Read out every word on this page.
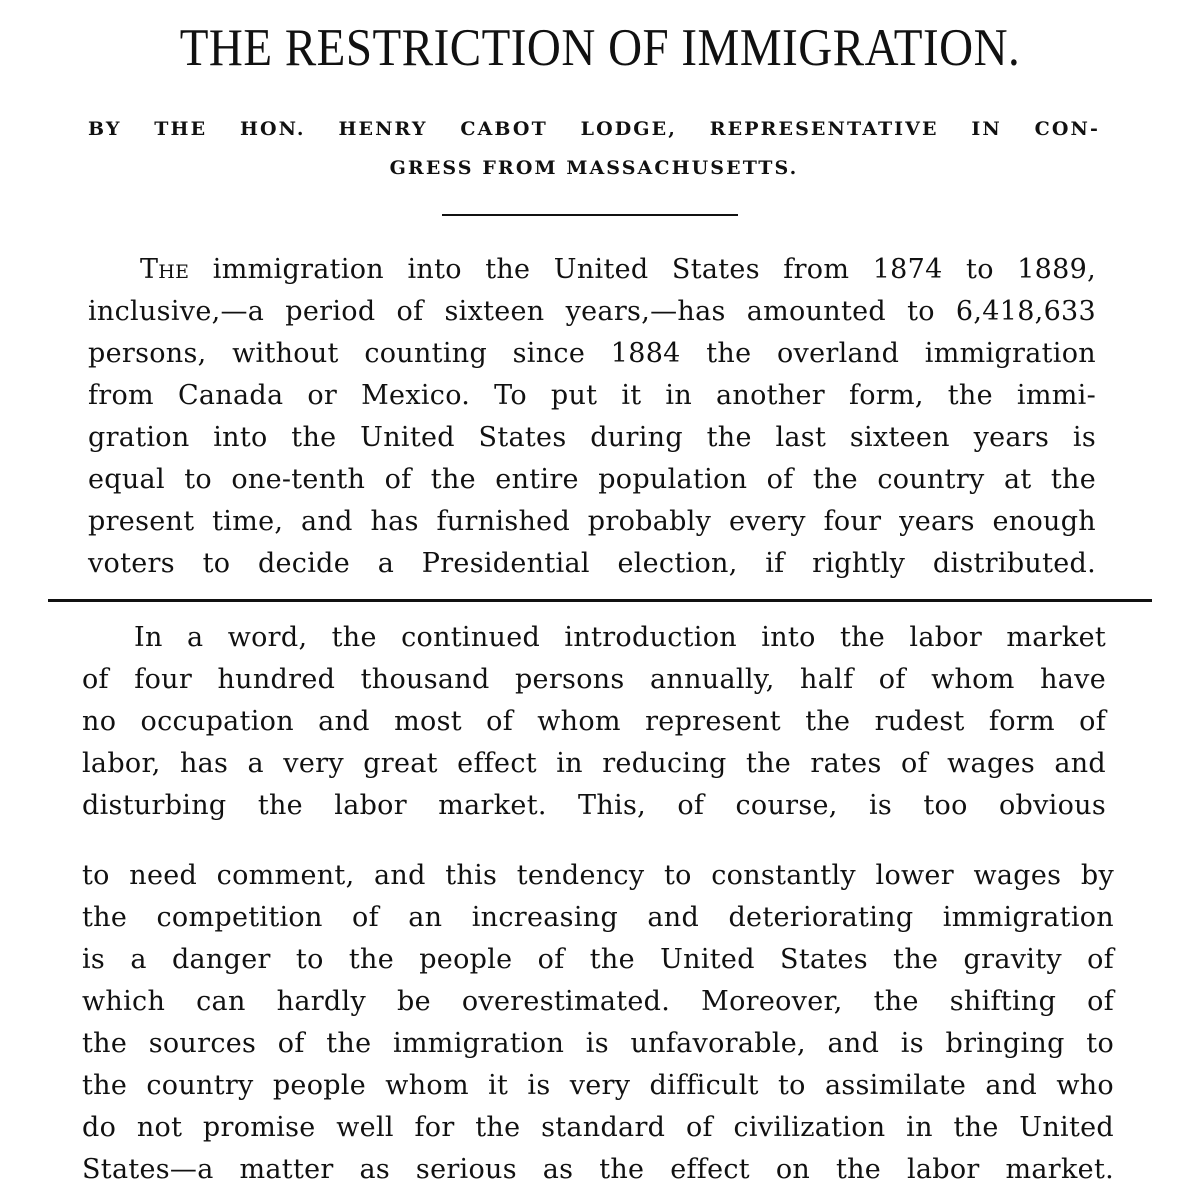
THE RESTRICTION OF IMMIGRATION.
BY THE HON. HENRY CABOT LODGE, REPRESENTATIVE IN CON-
GRESS FROM MASSACHUSETTS.
The immigration into the United States from 1874 to 1889,
inclusive,—a period of sixteen years,—has amounted to 6,418,633
persons, without counting since 1884 the overland immigration
from Canada or Mexico. To put it in another form, the immi-
gration into the United States during the last sixteen years is
equal to one-tenth of the entire population of the country at the
present time, and has furnished probably every four years enough
voters to decide a Presidential election, if rightly distributed.
In a word, the continued introduction into the labor market
of four hundred thousand persons annually, half of whom have
no occupation and most of whom represent the rudest form of
labor, has a very great effect in reducing the rates of wages and
disturbing the labor market. This, of course, is too obvious
to need comment, and this tendency to constantly lower wages by
the competition of an increasing and deteriorating immigration
is a danger to the people of the United States the gravity of
which can hardly be overestimated. Moreover, the shifting of
the sources of the immigration is unfavorable, and is bringing to
the country people whom it is very difficult to assimilate and who
do not promise well for the standard of civilization in the United
States—a matter as serious as the effect on the labor market.
